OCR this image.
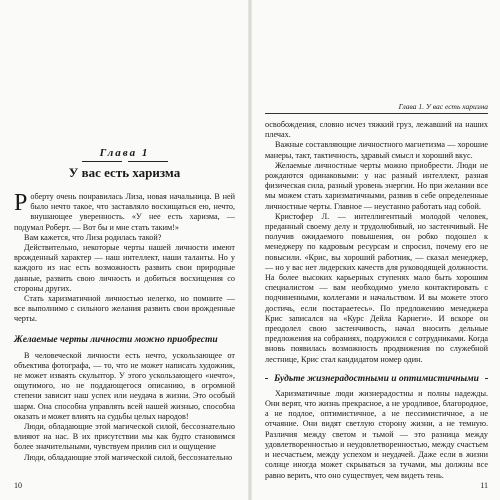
Глава 1
У вас есть харизма

Роберту очень понравилась Лиза, новая начальница. В ней было нечто такое, что заставляло восхищаться ею, нечто, внушающее уверенность. «У нее есть харизма, — подумал Роберт. — Вот бы и мне стать таким!»

Вам кажется, что Лиза родилась такой?

Действительно, некоторые черты нашей личности имеют врожденный характер — наш интеллект, наши таланты. Но у каждого из нас есть возможность развить свои природные данные, развить свою личность и добиться восхищения со стороны других.

Стать харизматичной личностью нелегко, но помните — все выполнимо с сильного желания развить свои врожденные черты.

Желаемые черты личности можно приобрести

В человеческой личности есть нечто, ускользающее от объектива фотографа, — то, что не может написать художник, не может изваять скульптор. У этого ускользающего «нечто», ощутимого, но не поддающегося описанию, в огромной степени зависит наш успех или неудача в жизни. Это особый шарм. Она способна управлять всей нашей жизнью, способна оказать и может влиять на судьбы целых народов!

Люди, обладающие этой магической силой, бессознательно влияют на нас. В их присутствии мы как будто становимся более значительными, чувствуем прилив сил и ощущение

Люди, обладающие этой магической силой, бессознательно

10
Глава 1. У вас есть харизма

освобождения, словно исчез тяжкий груз, лежавший на наших плечах.

Важные составляющие личностного магнетизма — хорошие манеры, такт, тактичность, здравый смысл и хороший вкус.

Желаемые личностные черты можно приобрести. Люди не рождаются одинаковыми: у нас разный интеллект, разная физическая сила, разный уровень энергии. Но при желании все мы можем стать харизматичными, развив в себе определенные личностные черты. Главное — неустанно работать над собой.

Кристофер Л. — интеллигентный молодой человек, преданный своему делу и трудолюбивый, но застенчивый. Не получив ожидаемого повышения, он робко подошел к менеджеру по кадровым ресурсам и спросил, почему его не повысили. «Крис, вы хороший работник, — сказал менеджер, — но у вас нет лидерских качеств для руководящей должности. На более высоких карьерных ступенях мало быть хорошим специалистом — вам необходимо умело контактировать с подчиненными, коллегами и начальством. И вы можете этого достичь, если постараетесь». По предложению менеджера Крис записался на «Курс Дейла Карнеги». И вскоре он преодолел свою застенчивость, начал вносить дельные предложения на собраниях, подружился с сотрудниками. Когда вновь появилась возможность продвижения по служебной лестнице, Крис стал кандидатом номер один.

Будьте жизнерадостными и оптимистичными

Харизматичные люди жизнерадостны и полны надежды. Они верят, что жизнь прекрасное, а не уродливое, благородное, а не подлое, оптимистичное, а не пессимистичное, а не отчаяние. Они видят светлую сторону жизни, а не темную. Различия между светом и тьмой — это разница между удовлетворенностью и неудовлетворенностью, между счастьем и несчастьем, между успехом и неудачей. Даже если в жизни солнце иногда может скрываться за тучами, мы должны все равно верить, что оно существует, чем видеть тень.

11
